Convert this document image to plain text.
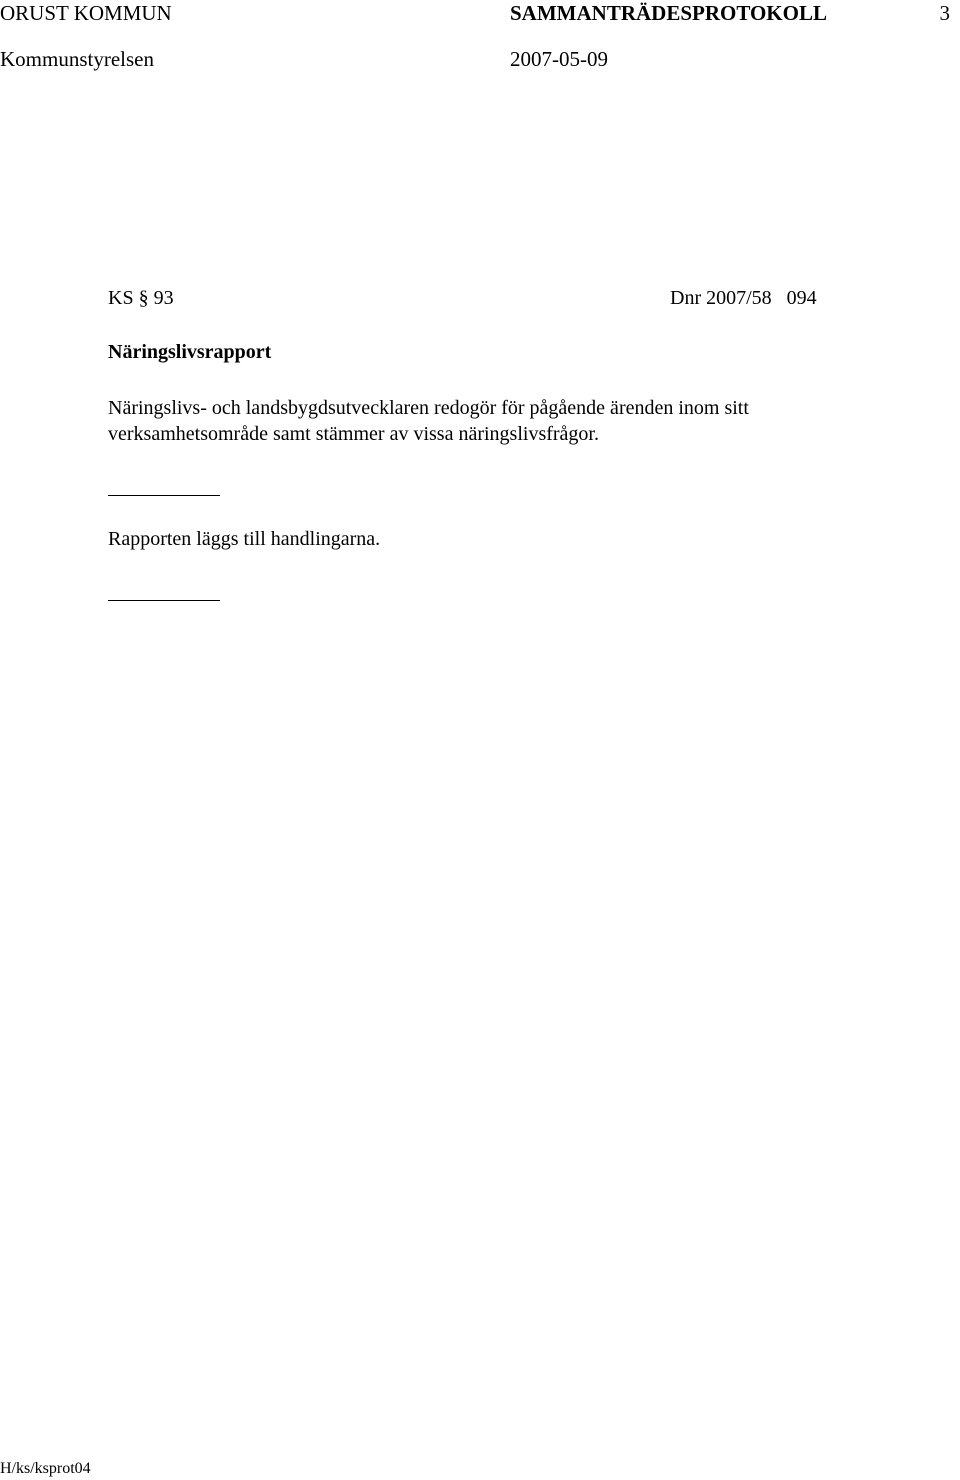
ORUST KOMMUN	SAMMANTRÄDESPROTOKOLL	3
Kommunstyrelsen	2007-05-09
KS § 93	Dnr 2007/58   094
Näringslivsrapport
Näringslivs- och landsbygdsutvecklaren redogör för pågående ärenden inom sitt
verksamhetsområde samt stämmer av vissa näringslivsfrågor.
Rapporten läggs till handlingarna.
H/ks/ksprot04
